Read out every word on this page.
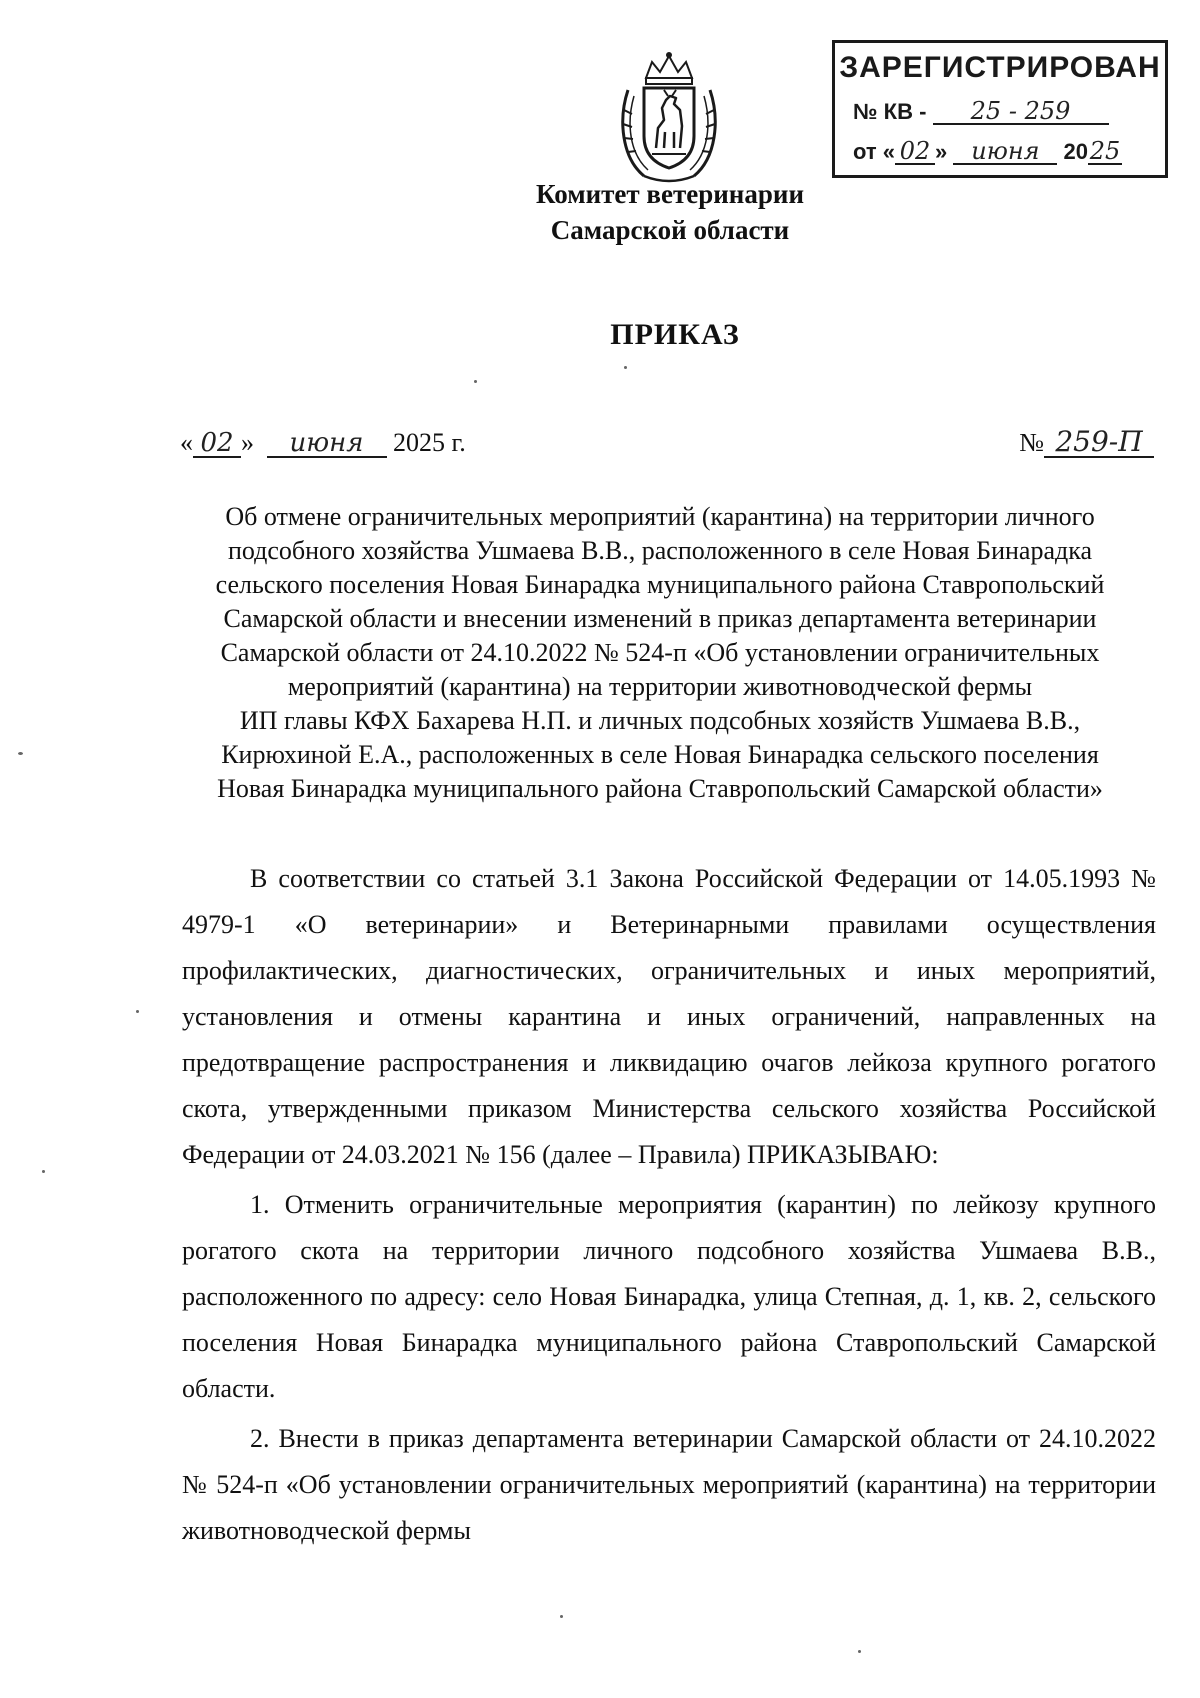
ЗАРЕГИСТРИРОВАН
№ КВ - 25 - 259
от « 02 » июня 2025
Комитет ветеринарии
Самарской области
ПРИКАЗ
« 02 » июня 2025 г.	№ 259-П
Об отмене ограничительных мероприятий (карантина) на территории личного
подсобного хозяйства Ушмаева В.В., расположенного в селе Новая Бинарадка
сельского поселения Новая Бинарадка муниципального района Ставропольский
Самарской области и внесении изменений в приказ департамента ветеринарии
Самарской области от 24.10.2022 № 524-п «Об установлении ограничительных
мероприятий (карантина) на территории животноводческой фермы
ИП главы КФХ Бахарева Н.П. и личных подсобных хозяйств Ушмаева В.В.,
Кирюхиной Е.А., расположенных в селе Новая Бинарадка сельского поселения
Новая Бинарадка муниципального района Ставропольский Самарской области»

В соответствии со статьей 3.1 Закона Российской Федерации от 14.05.1993 № 4979-1 «О ветеринарии» и Ветеринарными правилами осуществления профилактических, диагностических, ограничительных и иных мероприятий, установления и отмены карантина и иных ограничений, направленных на предотвращение распространения и ликвидацию очагов лейкоза крупного рогатого скота, утвержденными приказом Министерства сельского хозяйства Российской Федерации от 24.03.2021 № 156 (далее – Правила) ПРИКАЗЫВАЮ:

1. Отменить ограничительные мероприятия (карантин) по лейкозу крупного рогатого скота на территории личного подсобного хозяйства Ушмаева В.В., расположенного по адресу: село Новая Бинарадка, улица Степная, д. 1, кв. 2, сельского поселения Новая Бинарадка муниципального района Ставропольский Самарской области.

2. Внести в приказ департамента ветеринарии Самарской области от 24.10.2022 № 524-п «Об установлении ограничительных мероприятий (карантина) на территории животноводческой фермы
